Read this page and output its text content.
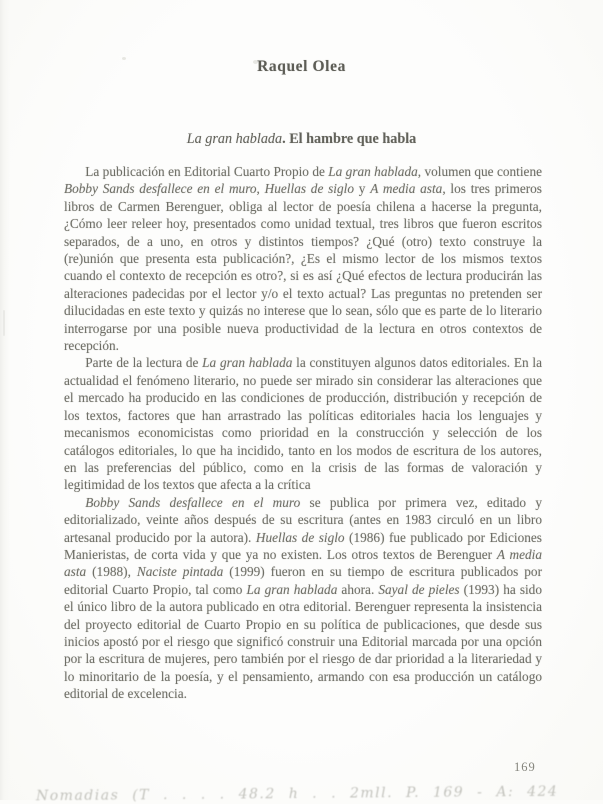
Raquel Olea
La gran hablada. El hambre que habla

La publicación en Editorial Cuarto Propio de La gran hablada, volumen que contiene Bobby Sands desfallece en el muro, Huellas de siglo y A media asta, los tres primeros libros de Carmen Berenguer, obliga al lector de poesía chilena a hacerse la pregunta, ¿Cómo leer releer hoy, presentados como unidad textual, tres libros que fueron escritos separados, de a uno, en otros y distintos tiempos? ¿Qué (otro) texto construye la (re)unión que presenta esta publicación?, ¿Es el mismo lector de los mismos textos cuando el contexto de recepción es otro?, si es así ¿Qué efectos de lectura producirán las alteraciones padecidas por el lector y/o el texto actual? Las preguntas no pretenden ser dilucidadas en este texto y quizás no interese que lo sean, sólo que es parte de lo literario interrogarse por una posible nueva productividad de la lectura en otros contextos de recepción.

Parte de la lectura de La gran hablada la constituyen algunos datos editoriales. En la actualidad el fenómeno literario, no puede ser mirado sin considerar las alteraciones que el mercado ha producido en las condiciones de producción, distribución y recepción de los textos, factores que han arrastrado las políticas editoriales hacia los lenguajes y mecanismos economicistas como prioridad en la construcción y selección de los catálogos editoriales, lo que ha incidido, tanto en los modos de escritura de los autores, en las preferencias del público, como en la crisis de las formas de valoración y legitimidad de los textos que afecta a la crítica

Bobby Sands desfallece en el muro se publica por primera vez, editado y editorializado, veinte años después de su escritura (antes en 1983 circuló en un libro artesanal producido por la autora). Huellas de siglo (1986) fue publicado por Ediciones Manieristas, de corta vida y que ya no existen. Los otros textos de Berenguer A media asta (1988), Naciste pintada (1999) fueron en su tiempo de escritura publicados por editorial Cuarto Propio, tal como La gran hablada ahora. Sayal de pieles (1993) ha sido el único libro de la autora publicado en otra editorial. Berenguer representa la insistencia del proyecto editorial de Cuarto Propio en su política de publicaciones, que desde sus inicios apostó por el riesgo que significó construir una Editorial marcada por una opción por la escritura de mujeres, pero también por el riesgo de dar prioridad a la literariedad y lo minoritario de la poesía, y el pensamiento, armando con esa producción un catálogo editorial de excelencia.

169
Nomadias (T . . . . 48.2 h . . 2mll. P. 169 - A: 424
